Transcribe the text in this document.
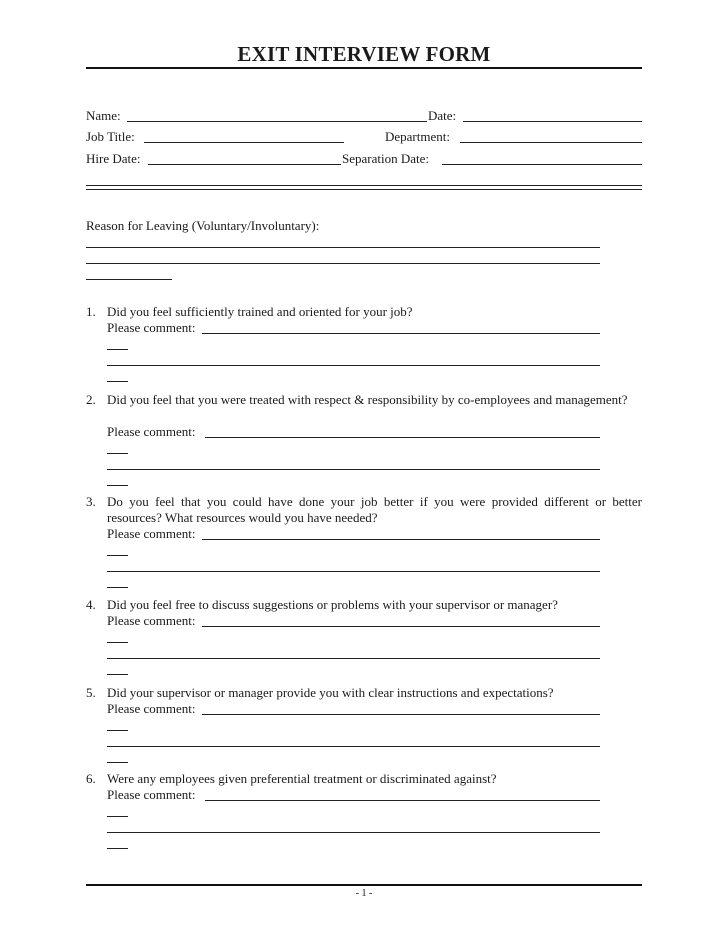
EXIT INTERVIEW FORM
Name:	Date:
Job Title:	Department:
Hire Date:	Separation Date:
Reason for Leaving (Voluntary/Involuntary):
1. Did you feel sufficiently trained and oriented for your job?
Please comment:
2. Did you feel that you were treated with respect & responsibility by co-employees and management?
Please comment:
3. Do you feel that you could have done your job better if you were provided different or better resources? What resources would you have needed?
Please comment:
4. Did you feel free to discuss suggestions or problems with your supervisor or manager?
Please comment:
5. Did your supervisor or manager provide you with clear instructions and expectations?
Please comment:
6. Were any employees given preferential treatment or discriminated against?
Please comment:
- 1 -
